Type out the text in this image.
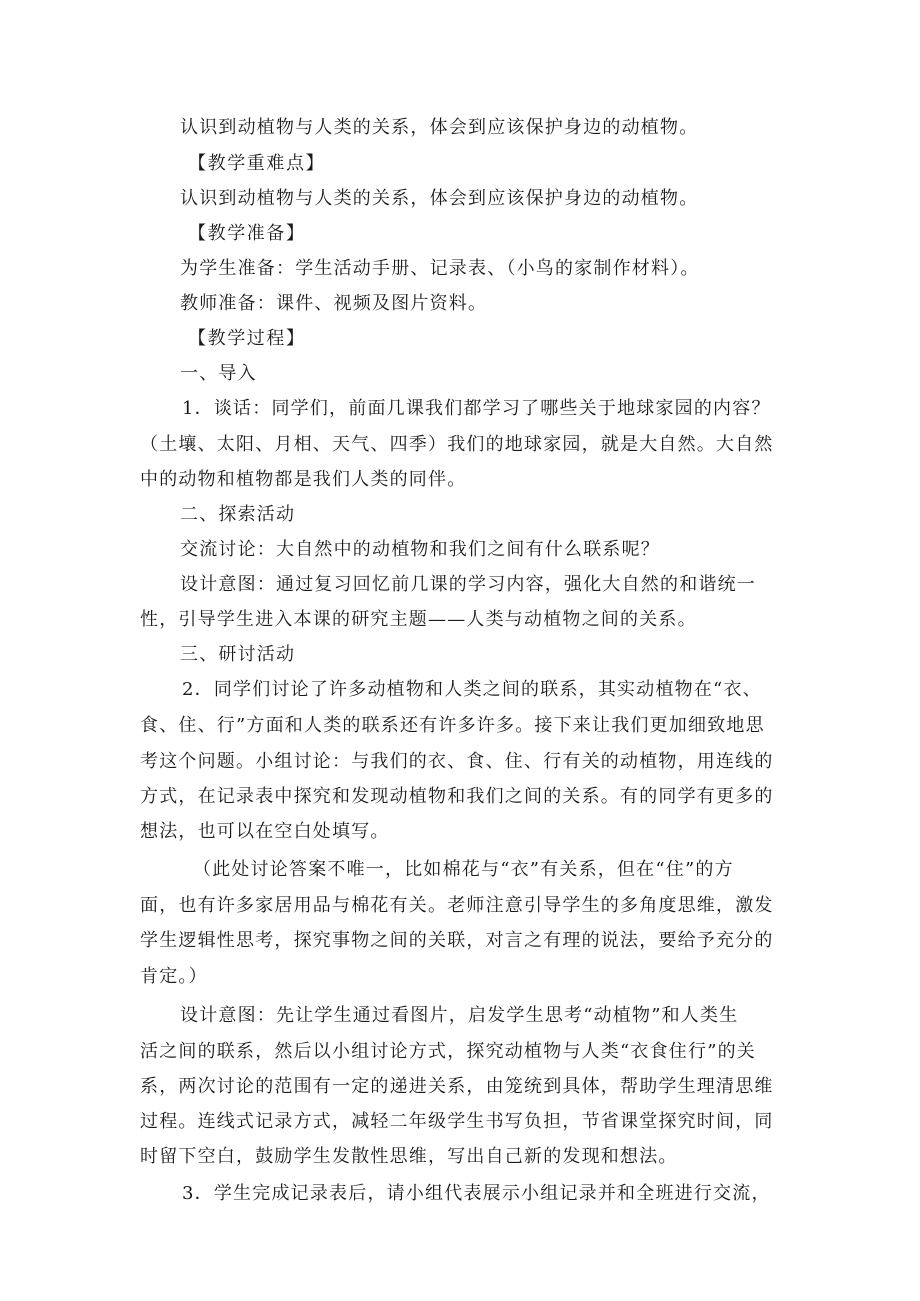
认识到动植物与人类的关系，体会到应该保护身边的动植物。
【教学重难点】
认识到动植物与人类的关系，体会到应该保护身边的动植物。
【教学准备】
为学生准备：学生活动手册、记录表、（小鸟的家制作材料）。
教师准备：课件、视频及图片资料。
【教学过程】
一、导入
1．谈话：同学们，前面几课我们都学习了哪些关于地球家园的内容？
（土壤、太阳、月相、天气、四季）我们的地球家园，就是大自然。大自然
中的动物和植物都是我们人类的同伴。
二、探索活动
交流讨论：大自然中的动植物和我们之间有什么联系呢？
设计意图：通过复习回忆前几课的学习内容，强化大自然的和谐统一
性，引导学生进入本课的研究主题——人类与动植物之间的关系。
三、研讨活动
2．同学们讨论了许多动植物和人类之间的联系，其实动植物在“衣、
食、住、行”方面和人类的联系还有许多许多。接下来让我们更加细致地思
考这个问题。小组讨论：与我们的衣、食、住、行有关的动植物，用连线的
方式，在记录表中探究和发现动植物和我们之间的关系。有的同学有更多的
想法，也可以在空白处填写。
（此处讨论答案不唯一，比如棉花与“衣”有关系，但在“住”的方
面，也有许多家居用品与棉花有关。老师注意引导学生的多角度思维，激发
学生逻辑性思考，探究事物之间的关联，对言之有理的说法，要给予充分的
肯定。）
设计意图：先让学生通过看图片，启发学生思考“动植物”和人类生
活之间的联系，然后以小组讨论方式，探究动植物与人类“衣食住行”的关
系，两次讨论的范围有一定的递进关系，由笼统到具体，帮助学生理清思维
过程。连线式记录方式，减轻二年级学生书写负担，节省课堂探究时间，同
时留下空白，鼓励学生发散性思维，写出自己新的发现和想法。
3．学生完成记录表后，请小组代表展示小组记录并和全班进行交流，
